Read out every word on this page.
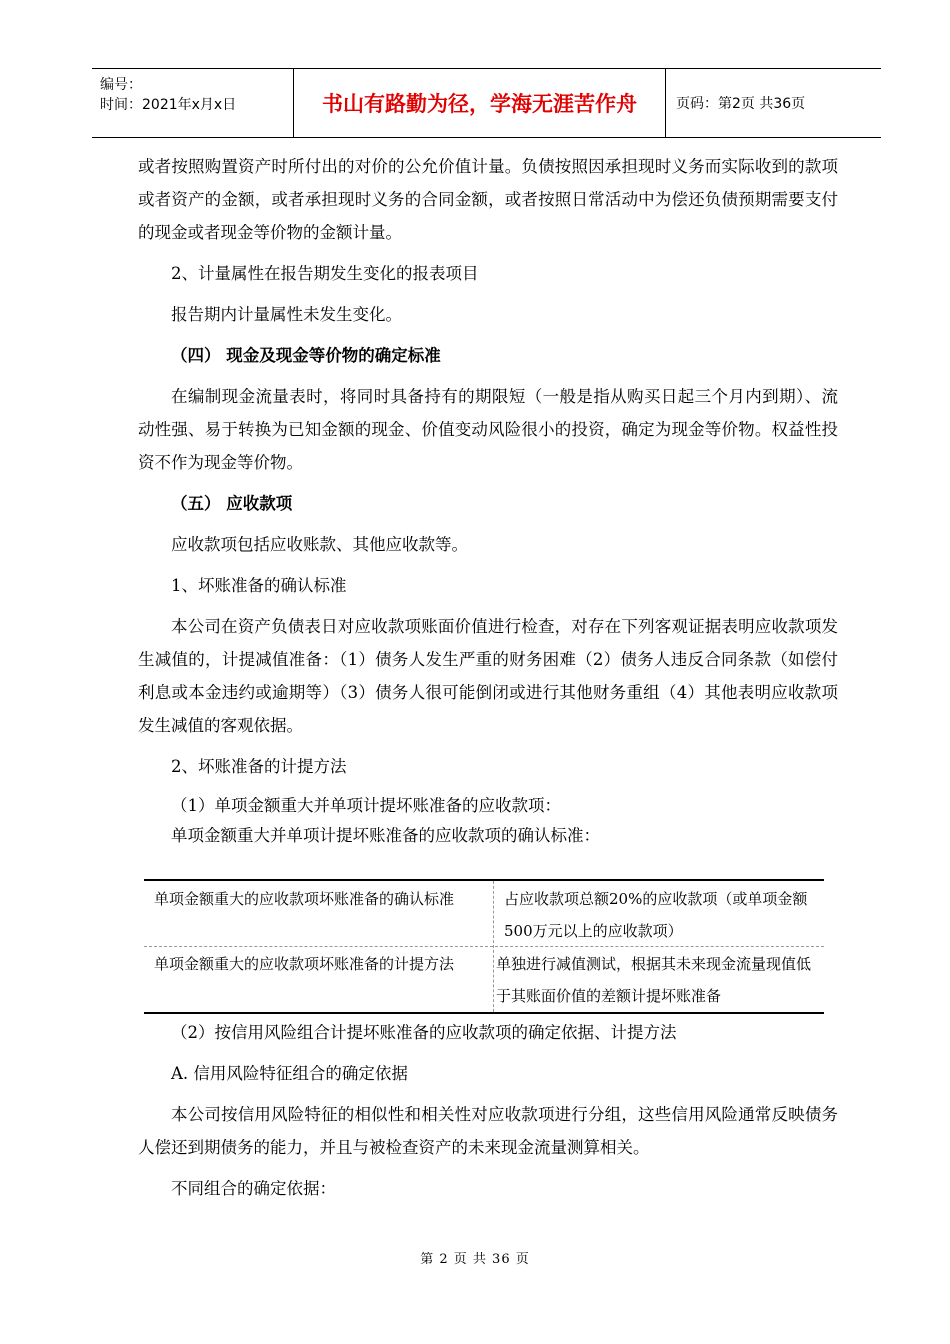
编号：
时间：2021年x月x日	书山有路勤为径，学海无涯苦作舟	页码：第2页 共36页

或者按照购置资产时所付出的对价的公允价值计量。负债按照因承担现时义务而实际收到的款项或者资产的金额，或者承担现时义务的合同金额，或者按照日常活动中为偿还负债预期需要支付的现金或者现金等价物的金额计量。

2、计量属性在报告期发生变化的报表项目

报告期内计量属性未发生变化。

（四） 现金及现金等价物的确定标准

在编制现金流量表时，将同时具备持有的期限短（一般是指从购买日起三个月内到期）、流动性强、易于转换为已知金额的现金、价值变动风险很小的投资，确定为现金等价物。权益性投资不作为现金等价物。

（五） 应收款项

应收款项包括应收账款、其他应收款等。

1、坏账准备的确认标准

本公司在资产负债表日对应收款项账面价值进行检查，对存在下列客观证据表明应收款项发生减值的，计提减值准备：（1）债务人发生严重的财务困难（2）债务人违反合同条款（如偿付利息或本金违约或逾期等）（3）债务人很可能倒闭或进行其他财务重组（4）其他表明应收款项发生减值的客观依据。

2、坏账准备的计提方法

（1）单项金额重大并单项计提坏账准备的应收款项：

单项金额重大并单项计提坏账准备的应收款项的确认标准：

单项金额重大的应收款项坏账准备的确认标准	占应收款项总额20%的应收款项（或单项金额500万元以上的应收款项）
单项金额重大的应收款项坏账准备的计提方法	单独进行减值测试，根据其未来现金流量现值低于其账面价值的差额计提坏账准备

（2）按信用风险组合计提坏账准备的应收款项的确定依据、计提方法

A. 信用风险特征组合的确定依据

本公司按信用风险特征的相似性和相关性对应收款项进行分组，这些信用风险通常反映债务人偿还到期债务的能力，并且与被检查资产的未来现金流量测算相关。

不同组合的确定依据：

第 2 页 共 36 页
